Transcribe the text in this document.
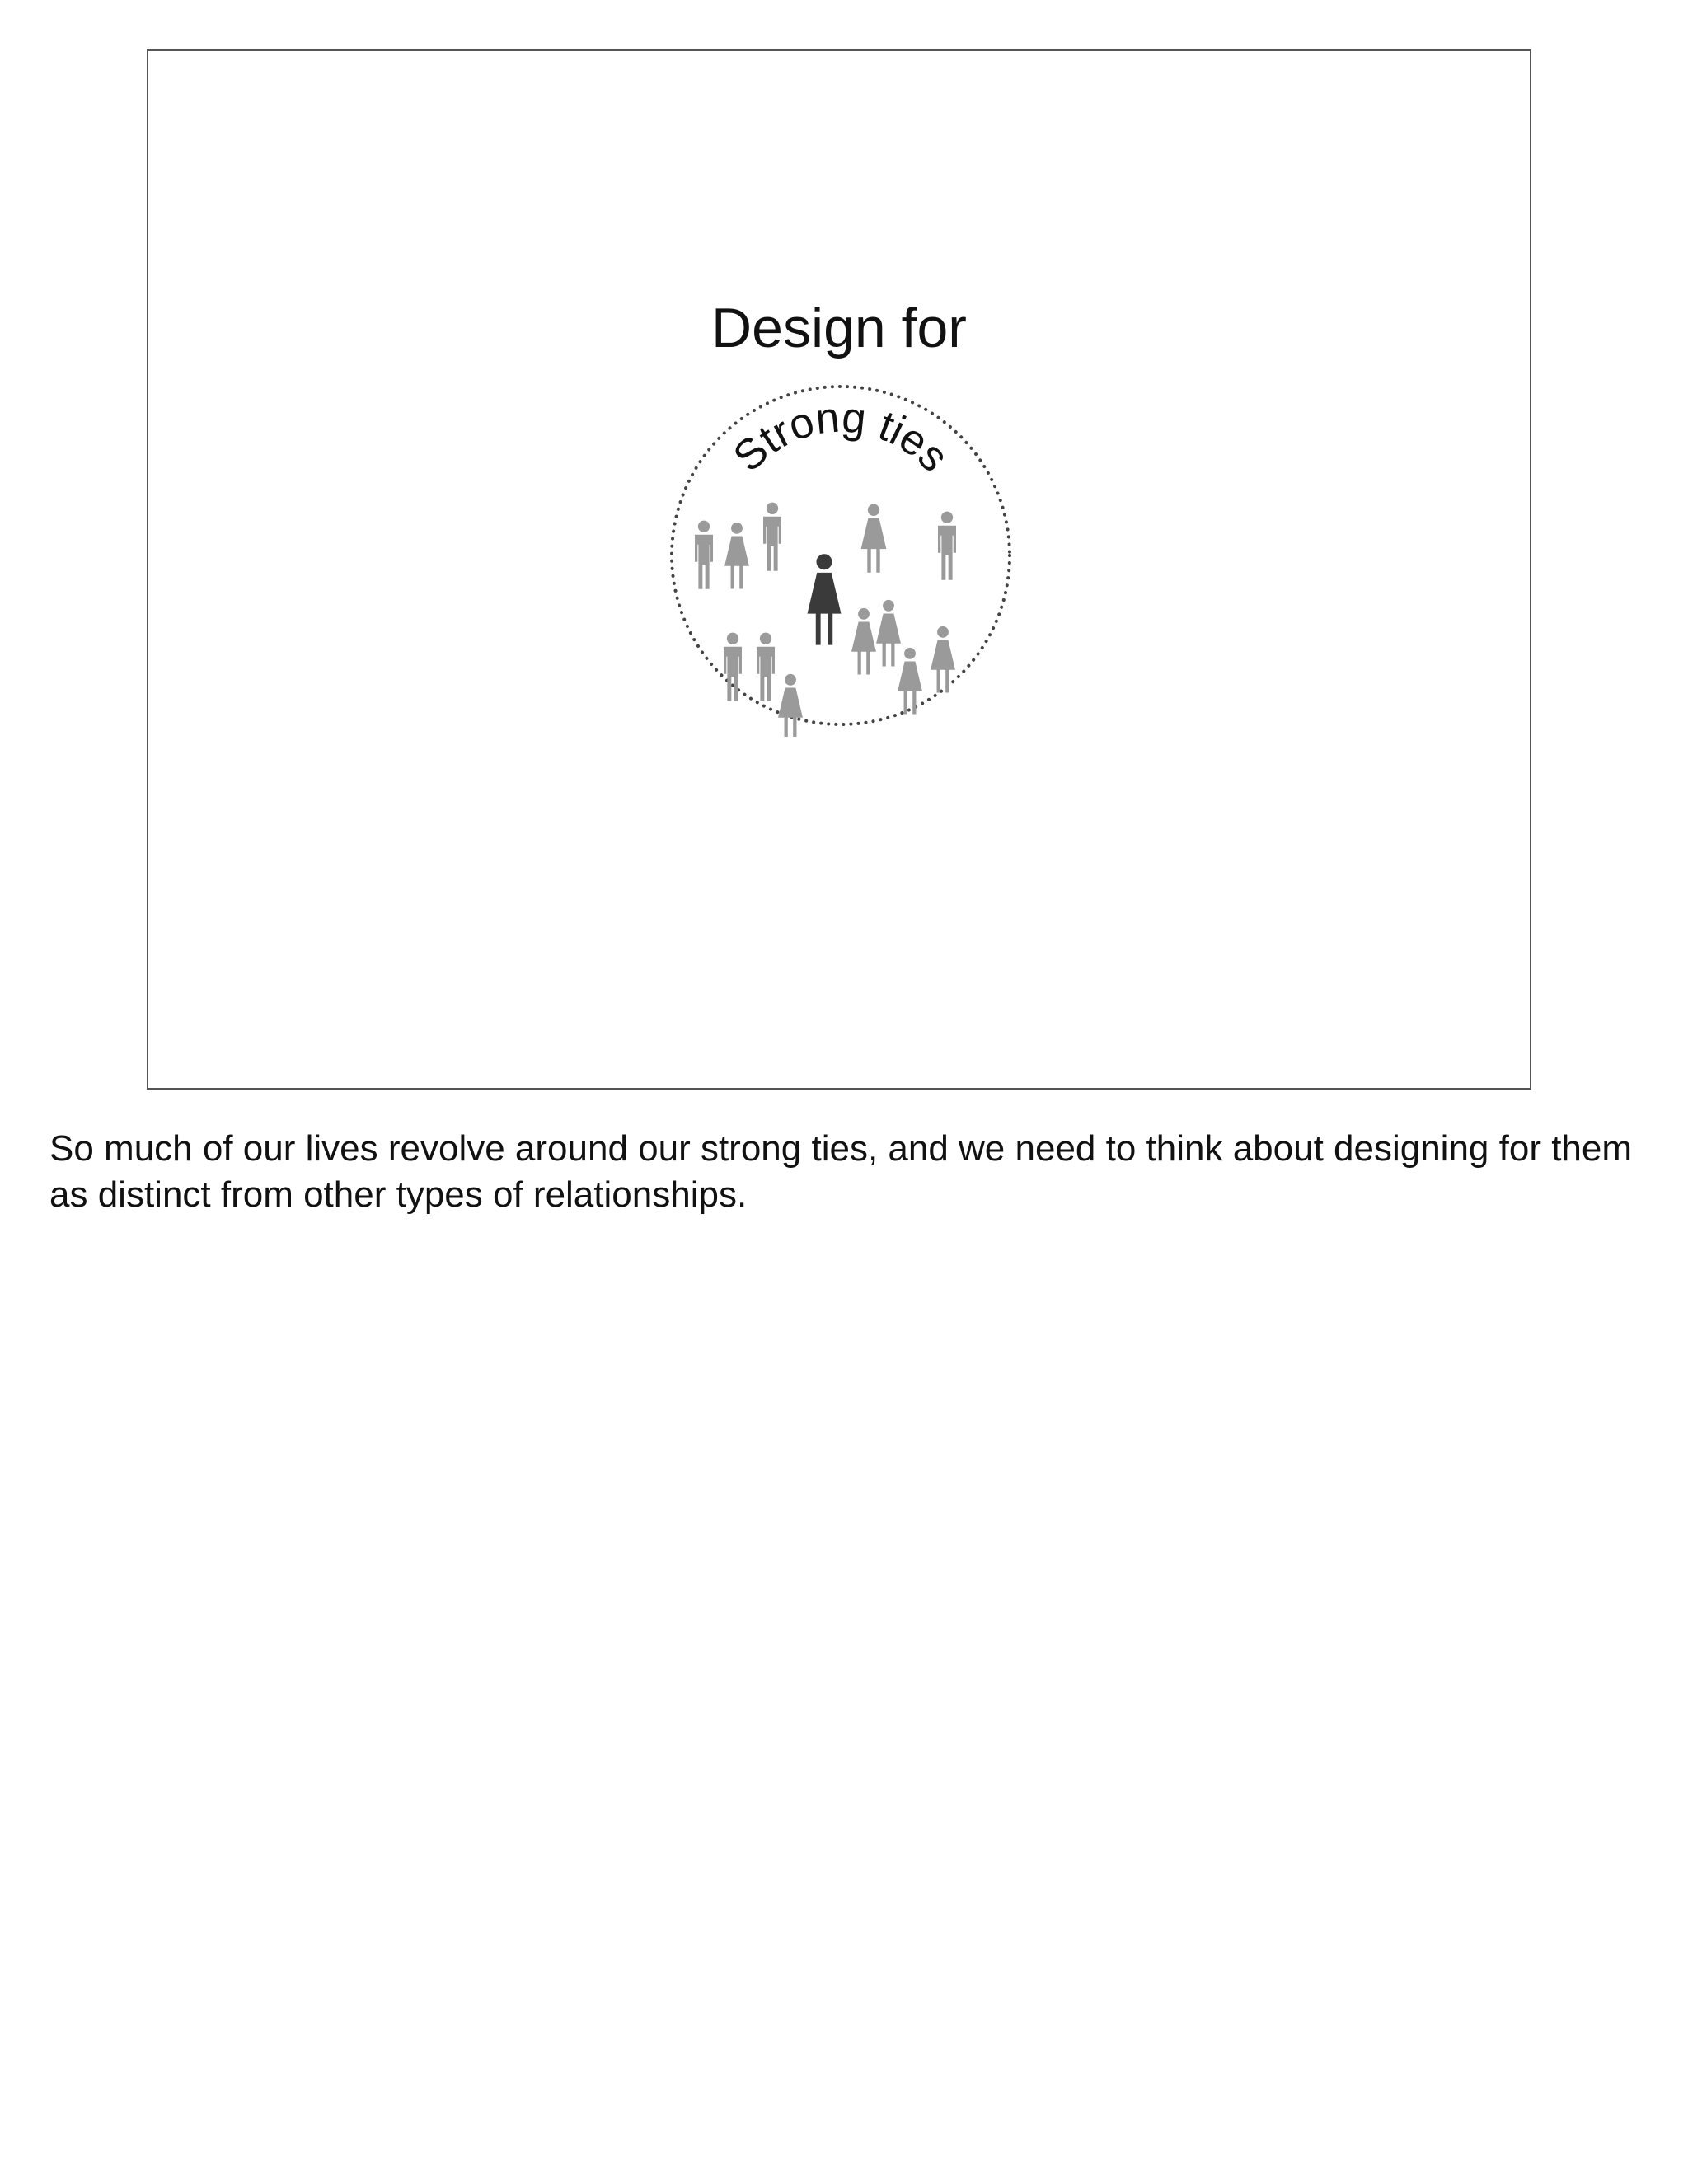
Design for
Strong ties

So much of our lives revolve around our strong ties, and we need to think about designing for them as distinct from other types of relationships.
